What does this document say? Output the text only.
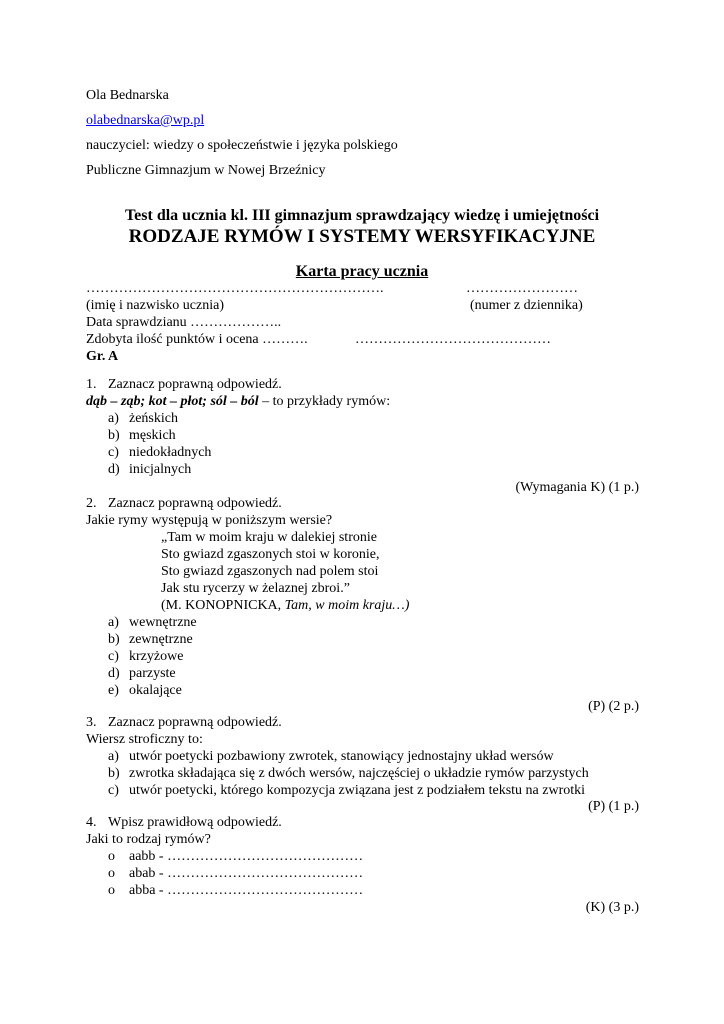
Ola Bednarska
olabednarska@wp.pl
nauczyciel: wiedzy o społeczeństwie i języka polskiego
Publiczne Gimnazjum w Nowej Brzeźnicy
Test dla ucznia kl. III gimnazjum sprawdzający wiedzę i umiejętności
RODZAJE RYMÓW I SYSTEMY WERSYFIKACYJNE
Karta pracy ucznia
……………………………………………………….	……………………
(imię i nazwisko ucznia)	(numer z dziennika)
Data sprawdzianu ………………..
Zdobyta ilość punktów i ocena ……….	……………………………………
Gr. A
1. Zaznacz poprawną odpowiedź.
dąb – ząb; kot – płot; sól – ból – to przykłady rymów:
a) żeńskich
b) męskich
c) niedokładnych
d) inicjalnych
(Wymagania K) (1 p.)
2. Zaznacz poprawną odpowiedź.
Jakie rymy występują w poniższym wersie?
„Tam w moim kraju w dalekiej stronie
Sto gwiazd zgaszonych stoi w koronie,
Sto gwiazd zgaszonych nad polem stoi
Jak stu rycerzy w żelaznej zbroi.”
(M. KONOPNICKA, Tam, w moim kraju…)
a) wewnętrzne
b) zewnętrzne
c) krzyżowe
d) parzyste
e) okalające
(P) (2 p.)
3. Zaznacz poprawną odpowiedź.
Wiersz stroficzny to:
a) utwór poetycki pozbawiony zwrotek, stanowiący jednostajny układ wersów
b) zwrotka składająca się z dwóch wersów, najczęściej o układzie rymów parzystych
c) utwór poetycki, którego kompozycja związana jest z podziałem tekstu na zwrotki
(P) (1 p.)
4. Wpisz prawidłową odpowiedź.
Jaki to rodzaj rymów?
o aabb - ……………………………………
o abab - ……………………………………
o abba - ……………………………………
(K) (3 p.)
